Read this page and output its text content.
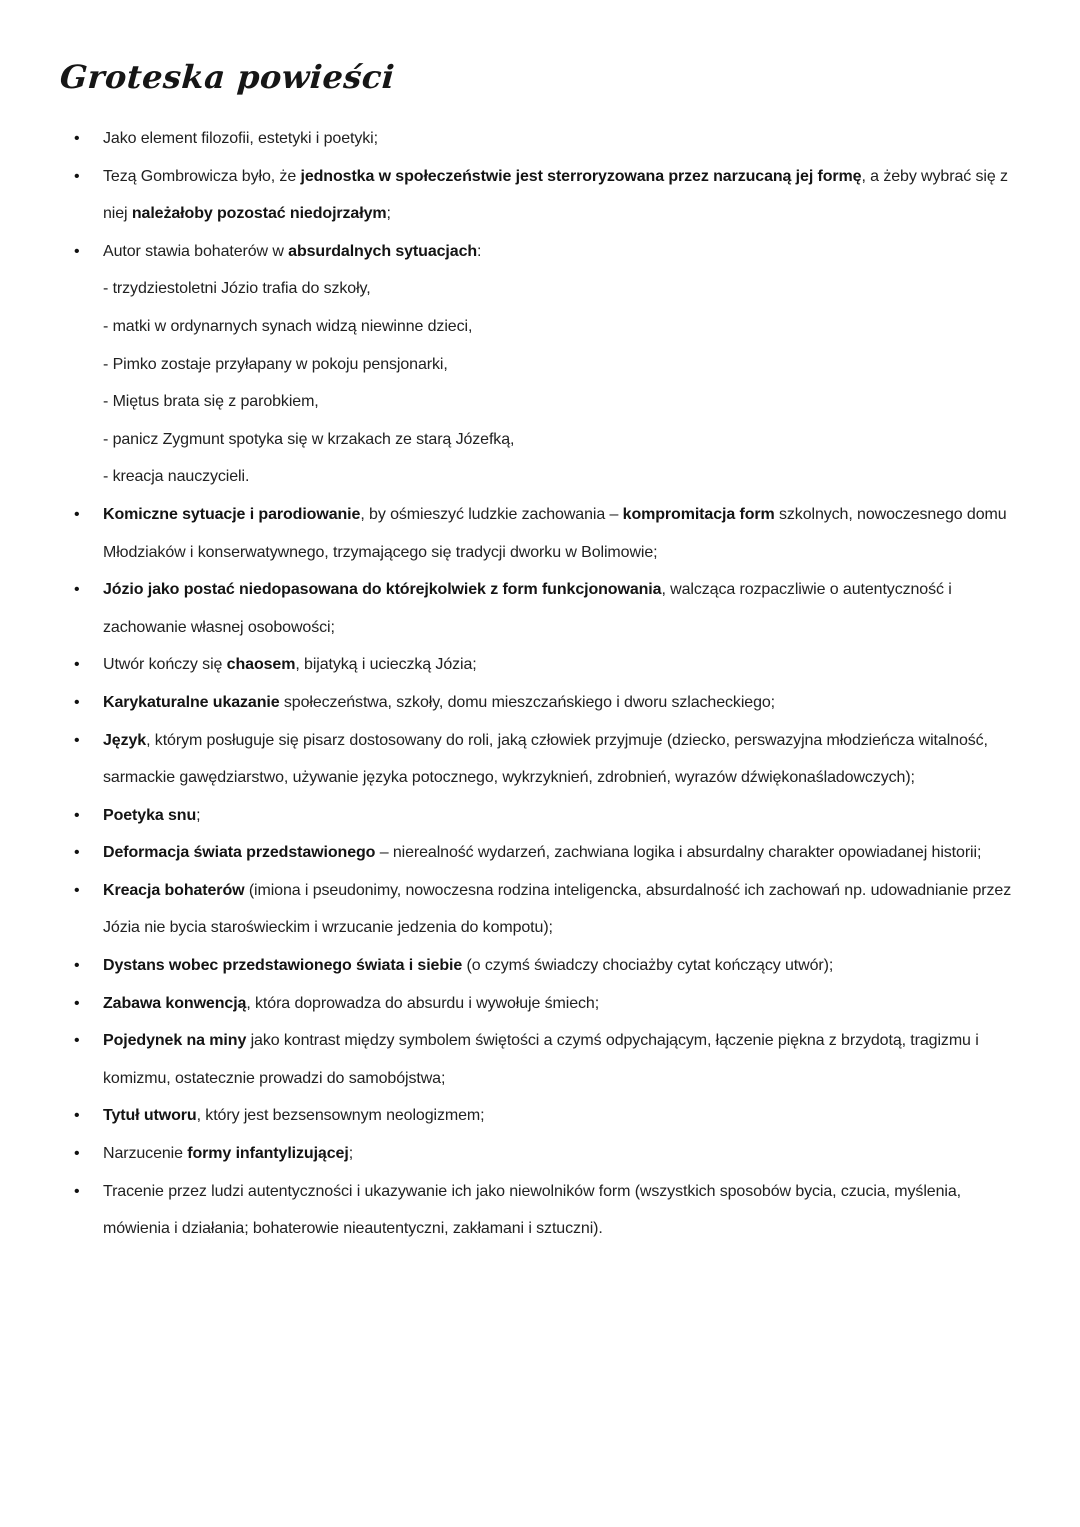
Groteska powieści
• Jako element filozofii, estetyki i poetyki;
• Tezą Gombrowicza było, że jednostka w społeczeństwie jest sterroryzowana przez narzucaną jej formę, a żeby wybrać się z niej należałoby pozostać niedojrzałym;
• Autor stawia bohaterów w absurdalnych sytuacjach:
- trzydziestoletni Józio trafia do szkoły,
- matki w ordynarnych synach widzą niewinne dzieci,
- Pimko zostaje przyłapany w pokoju pensjonarki,
- Miętus brata się z parobkiem,
- panicz Zygmunt spotyka się w krzakach ze starą Józefką,
- kreacja nauczycieli.
• Komiczne sytuacje i parodiowanie, by ośmieszyć ludzkie zachowania – kompromitacja form szkolnych, nowoczesnego domu Młodziaków i konserwatywnego, trzymającego się tradycji dworku w Bolimowie;
• Józio jako postać niedopasowana do którejkolwiek z form funkcjonowania, walcząca rozpaczliwie o autentyczność i zachowanie własnej osobowości;
• Utwór kończy się chaosem, bijatyką i ucieczką Józia;
• Karykaturalne ukazanie społeczeństwa, szkoły, domu mieszczańskiego i dworu szlacheckiego;
• Język, którym posługuje się pisarz dostosowany do roli, jaką człowiek przyjmuje (dziecko, perswazyjna młodzieńcza witalność, sarmackie gawędziarstwo, używanie języka potocznego, wykrzyknień, zdrobnień, wyrazów dźwiękonaśladowczych);
• Poetyka snu;
• Deformacja świata przedstawionego – nierealność wydarzeń, zachwiana logika i absurdalny charakter opowiadanej historii;
• Kreacja bohaterów (imiona i pseudonimy, nowoczesna rodzina inteligencka, absurdalność ich zachowań np. udowadnianie przez Józia nie bycia staroświeckim i wrzucanie jedzenia do kompotu);
• Dystans wobec przedstawionego świata i siebie (o czymś świadczy chociażby cytat kończący utwór);
• Zabawa konwencją, która doprowadza do absurdu i wywołuje śmiech;
• Pojedynek na miny jako kontrast między symbolem świętości a czymś odpychającym, łączenie piękna z brzydotą, tragizmu i komizmu, ostatecznie prowadzi do samobójstwa;
• Tytuł utworu, który jest bezsensownym neologizmem;
• Narzucenie formy infantylizującej;
• Tracenie przez ludzi autentyczności i ukazywanie ich jako niewolników form (wszystkich sposobów bycia, czucia, myślenia, mówienia i działania; bohaterowie nieautentyczni, zakłamani i sztuczni).
